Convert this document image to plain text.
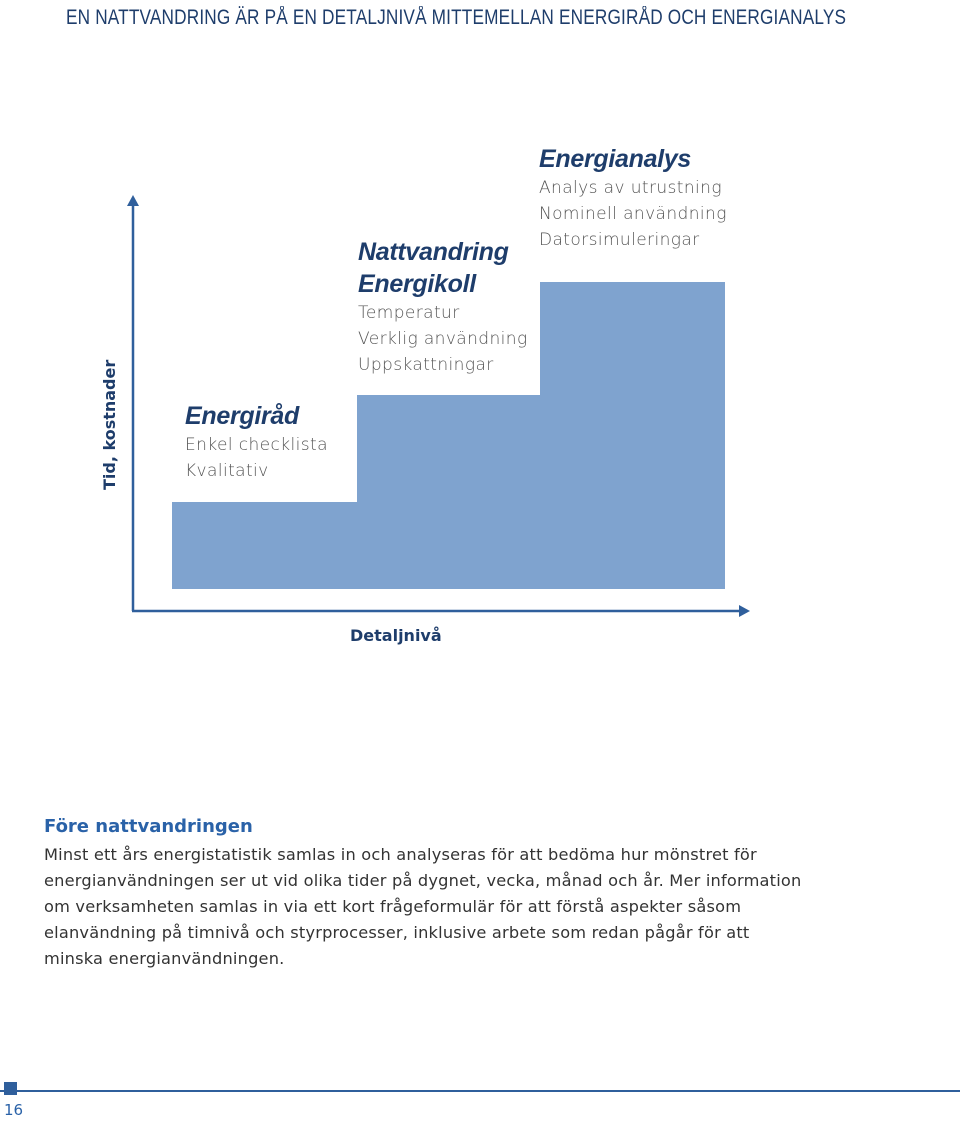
EN NATTVANDRING ÄR PÅ EN DETALJNIVÅ MITTEMELLAN ENERGIRÅD OCH ENERGIANALYS
Energiråd
Enkel checklista
Kvalitativ
Nattvandring
Energikoll
Temperatur
Verklig användning
Uppskattningar
Energianalys
Analys av utrustning
Nominell användning
Datorsimuleringar
Tid, kostnader
Detaljnivå
Före nattvandringen

Minst ett års energistatistik samlas in och analyseras för att bedöma hur mönstret för energianvändningen ser ut vid olika tider på dygnet, vecka, månad och år. Mer information om verksamheten samlas in via ett kort frågeformulär för att förstå aspekter såsom elanvändning på timnivå och styrprocesser, inklusive arbete som redan pågår för att minska energianvändningen.

16
